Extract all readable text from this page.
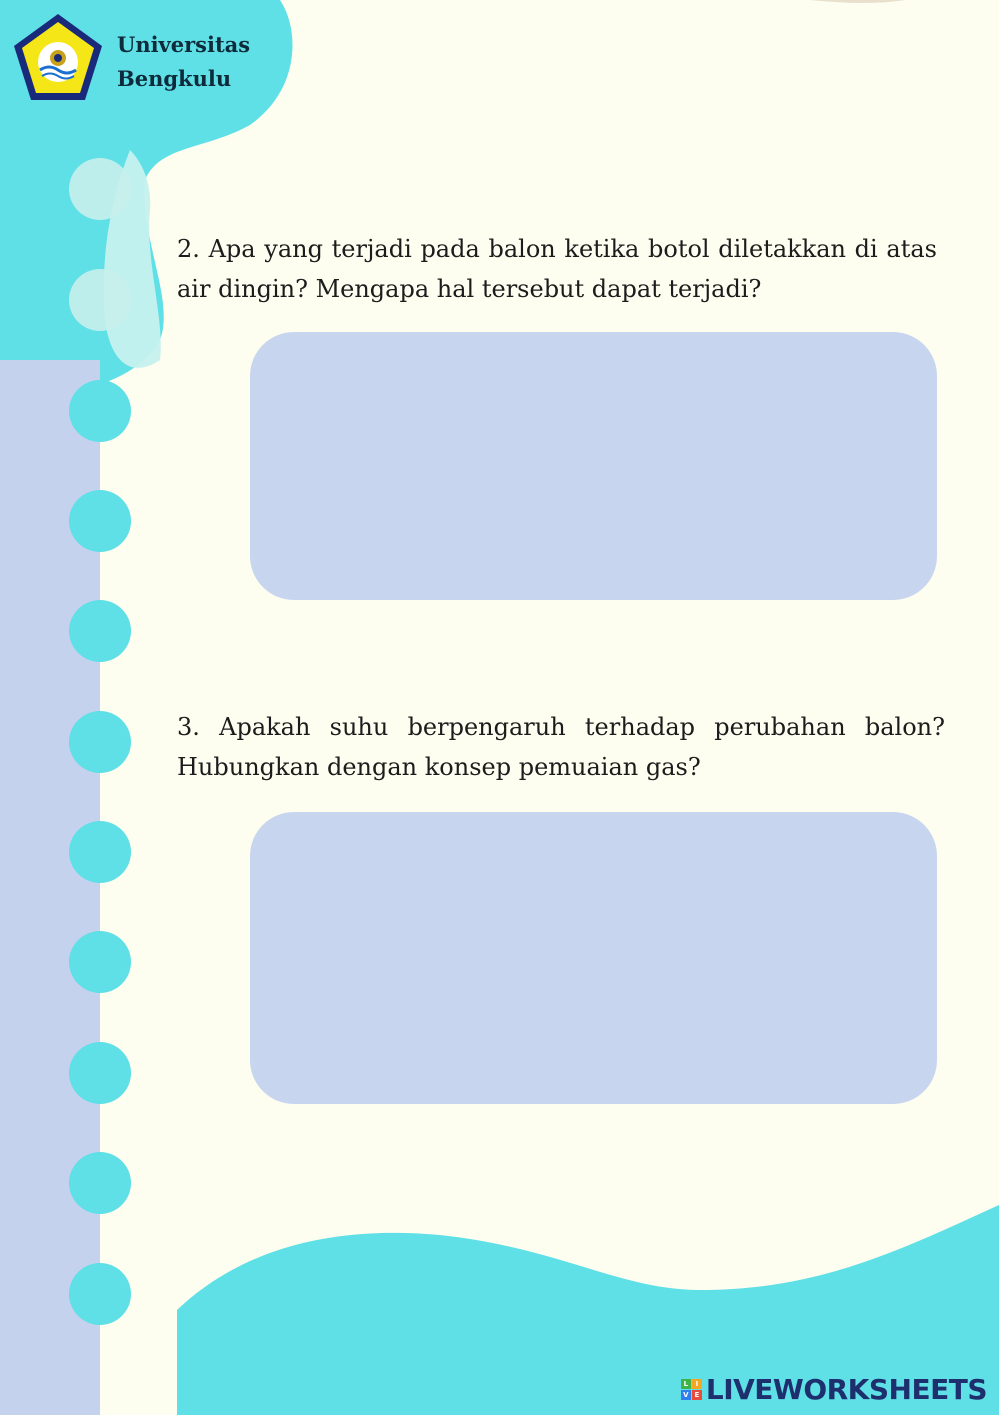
Universitas
Bengkulu
2. Apa yang terjadi pada balon ketika botol diletakkan di atas air dingin? Mengapa hal tersebut dapat terjadi?
3. Apakah suhu berpengaruh terhadap perubahan balon? Hubungkan dengan konsep pemuaian gas?
L	I
V E LIVEWORKSHEETS
